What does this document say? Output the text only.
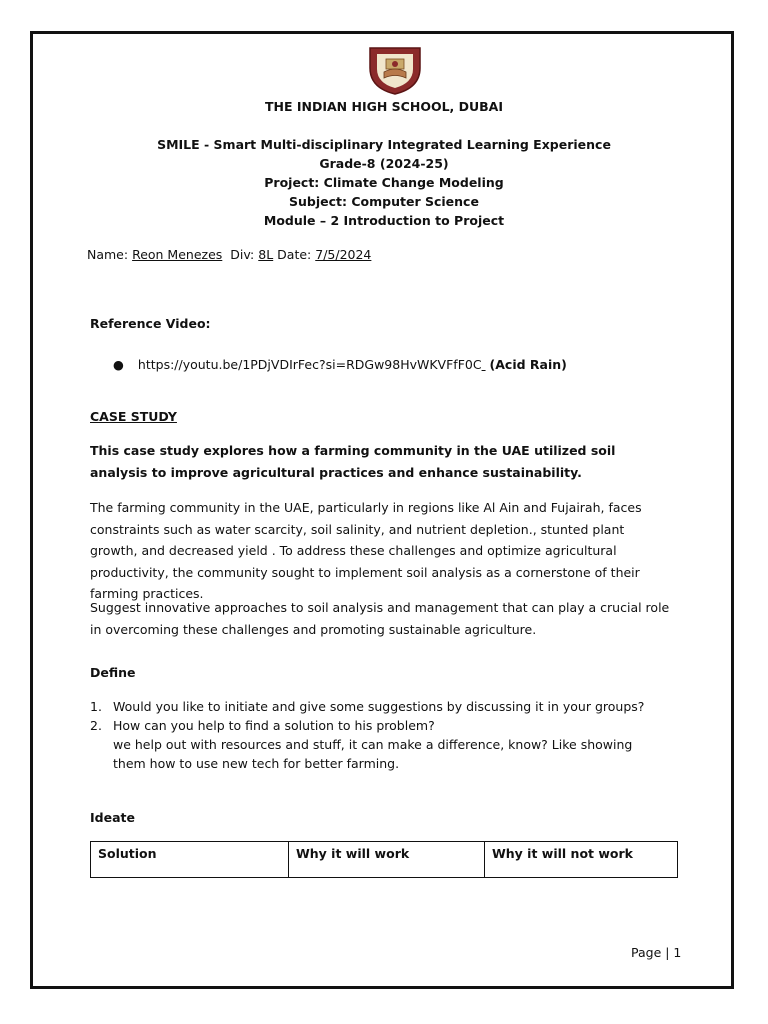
THE INDIAN HIGH SCHOOL, DUBAI
SMILE - Smart Multi-disciplinary Integrated Learning Experience
Grade-8 (2024-25)
Project: Climate Change Modeling
Subject: Computer Science
Module – 2 Introduction to Project
Name: Reon Menezes Div: 8L Date: 7/5/2024
Reference Video:
● https://youtu.be/1PDjVDIrFec?si=RDGw98HvWKVFfF0C (Acid Rain)
CASE STUDY
This case study explores how a farming community in the UAE utilized soil analysis to improve agricultural practices and enhance sustainability.
The farming community in the UAE, particularly in regions like Al Ain and Fujairah, faces constraints such as water scarcity, soil salinity, and nutrient depletion., stunted plant growth, and decreased yield . To address these challenges and optimize agricultural productivity, the community sought to implement soil analysis as a cornerstone of their farming practices.
Suggest innovative approaches to soil analysis and management that can play a crucial role in overcoming these challenges and promoting sustainable agriculture.
Define
1. Would you like to initiate and give some suggestions by discussing it in your groups?
2. How can you help to find a solution to his problem?
we help out with resources and stuff, it can make a difference, know? Like showing them how to use new tech for better farming.
Ideate
Solution	Why it will work	Why it will not work
Page | 1
